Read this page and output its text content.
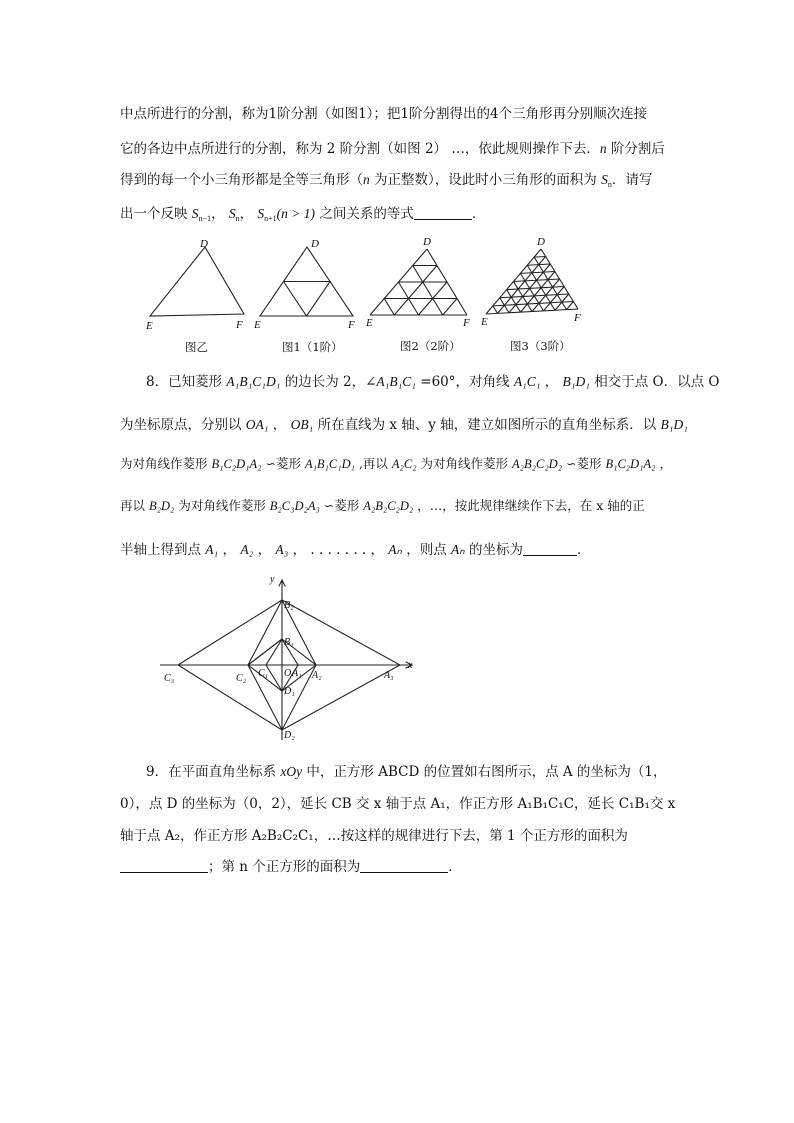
中点所进行的分割，称为1阶分割（如图1）；把1阶分割得出的4个三角形再分别顺次连接
它的各边中点所进行的分割，称为 2 阶分割（如图 2） …，依此规则操作下去．n 阶分割后
得到的每一个小三角形都是全等三角形（n 为正整数），设此时小三角形的面积为 $S_n$．请写
出一个反映 $S_{n-1}$， $S_n$， $S_{n+1}(n > 1)$ 之间关系的等式	．
D
E	F
D
E	F
D
E	F
D
E	F
图乙	图1（1阶）	图2（2阶）	图3（3阶）
8．已知菱形 A₁B₁C₁D₁ 的边长为 2，∠A₁B₁C₁ =60°，对角线 A₁C₁ ， B₁D₁ 相交于点 O．以点 O
为坐标原点，分别以 OA₁ ， OB₁ 所在直线为 x 轴、y 轴，建立如图所示的直角坐标系．以 B₁D₁
为对角线作菱形 B₁C₂D₁A₂ ∽菱形 A₁B₁C₁D₁ ,再以 A₂C₂ 为对角线作菱形 A₂B₂C₂D₂ ∽菱形 B₁C₂D₁A₂ ，
再以 B₂D₂ 为对角线作菱形 B₂C₃D₂A₃ ∽菱形 A₂B₂C₂D₂ ，…，按此规律继续作下去，在 x 轴的正
半轴上得到点 A₁ ， A₂ ， A₃ ， . . . . . . . ， Aₙ ，则点 Aₙ 的坐标为	．
y
x
B₂
B₁
O A₁ A₂	A₃
C₁
C₂
C₃
D₁
D₂
9．在平面直角坐标系 xOy 中，正方形 ABCD 的位置如右图所示，点 A 的坐标为（1，
0），点 D 的坐标为（0，2），延长 CB 交 x 轴于点 A₁，作正方形 A₁B₁C₁C，延长 C₁B₁交 x
轴于点 A₂，作正方形 A₂B₂C₂C₁，…按这样的规律进行下去，第 1 个正方形的面积为
；第 n 个正方形的面积为	．
